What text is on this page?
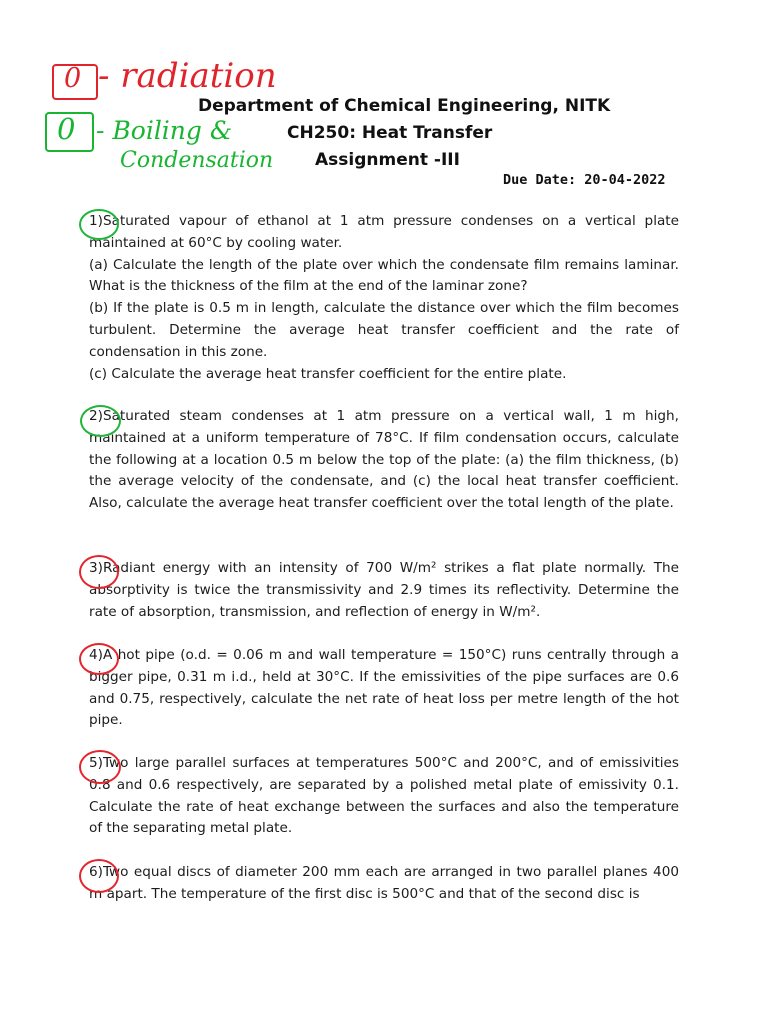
0 - radiation
0 - Boiling &
Condensation
Department of Chemical Engineering, NITK
CH250: Heat Transfer
Assignment -III
Due Date: 20-04-2022

1)Saturated vapour of ethanol at 1 atm pressure condenses on a vertical plate maintained at 60°C by cooling water.

(a) Calculate the length of the plate over which the condensate film remains laminar. What is the thickness of the film at the end of the laminar zone?

(b) If the plate is 0.5 m in length, calculate the distance over which the film becomes turbulent. Determine the average heat transfer coefficient and the rate of condensation in this zone.

(c) Calculate the average heat transfer coefficient for the entire plate.

2)Saturated steam condenses at 1 atm pressure on a vertical wall, 1 m high, maintained at a uniform temperature of 78°C. If film condensation occurs, calculate the following at a location 0.5 m below the top of the plate: (a) the film thickness, (b) the average velocity of the condensate, and (c) the local heat transfer coefficient. Also, calculate the average heat transfer coefficient over the total length of the plate.

3)Radiant energy with an intensity of 700 W/m² strikes a flat plate normally. The absorptivity is twice the transmissivity and 2.9 times its reflectivity. Determine the rate of absorption, transmission, and reflection of energy in W/m².

4)A hot pipe (o.d. = 0.06 m and wall temperature = 150°C) runs centrally through a bigger pipe, 0.31 m i.d., held at 30°C. If the emissivities of the pipe surfaces are 0.6 and 0.75, respectively, calculate the net rate of heat loss per metre length of the hot pipe.

5)Two large parallel surfaces at temperatures 500°C and 200°C, and of emissivities 0.8 and 0.6 respectively, are separated by a polished metal plate of emissivity 0.1. Calculate the rate of heat exchange between the surfaces and also the temperature of the separating metal plate.

6)Two equal discs of diameter 200 mm each are arranged in two parallel planes 400 m apart. The temperature of the first disc is 500°C and that of the second disc is
